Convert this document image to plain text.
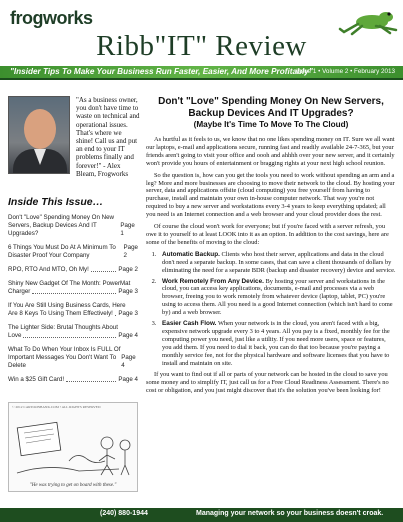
frogworks
Ribb"IT" Review
"Insider Tips To Make Your Business Run Faster, Easier, And More Profitably"
Issue 1 • Volume 2 • February 2013
"As a business owner, you don't have time to waste on technical and operational issues. That's where we shine! Call us and put an end to your IT problems finally and forever!" - Alex Bleam, Frogworks
Inside This Issue…
Don't "Love" Spending Money On New
Servers, Backup Devices And IT Upgrades?
Page 1
6 Things You Must Do At A Minimum To Disaster Proof Your Company
Page 2
RPO, RTO And MTO, Oh My!	Page 2
Shiny New Gadget Of The Month: PowerMat
Charger	Page 3
If You Are Still Using Business Cards, Here
Are 8 Keys To Using Them Effectively! Page 3
The Lighter Side: Brutal Thoughts About
Love	Page 4
What To Do When Your Inbox Is FULL Of
Important Messages You Don't Want To Delete
Page 4
Win a $25 Gift Card!	Page 4
© 2012 CARTOONBANK.COM • ALL RIGHTS RESERVED
"He was trying to get on board with these."
Don't "Love" Spending Money On New Servers, Backup Devices And IT Upgrades?
(Maybe It's Time To Move To The Cloud)

As hurtful as it feels to us, we know that no one likes spending money on IT. Sure we all want our laptops, e-mail and applications secure, running fast and readily available 24-7-365, but your friends aren't going to visit your office and oooh and ahhhh over your new server, and it certainly won't provide you hours of entertainment or bragging rights at your next high school reunion.

So the question is, how can you get the tools you need to work without spending an arm and a leg? More and more businesses are choosing to move their network to the cloud. By hosting your server, data and applications offsite (cloud computing) you free yourself from having to purchase, install and maintain your own in-house computer network. That way you're not required to buy a new server and workstations every 3-4 years to keep everything updated; all you need is an Internet connection and a web browser and your cloud provider does the rest.

Of course the cloud won't work for everyone; but if you're faced with a server refresh, you owe it to yourself to at least LOOK into it as an option. In addition to the cost savings, here are some of the benefits of moving to the cloud:

1. Automatic Backup. Clients who host their server, applications and data in the cloud don't need a separate backup. In some cases, that can save a client thousands of dollars by eliminating the need for a separate BDR (backup and disaster recovery) device and service.
2. Work Remotely From Any Device. By hosting your server and workstations in the cloud, you can access key applications, documents, e-mail and processes via a web browser, freeing you to work remotely from whatever device (laptop, tablet, PC) you're using to access them. All you need is a good Internet connection (which isn't hard to come by) and a web browser.
3. Easier Cash Flow. When your network is in the cloud, you aren't faced with a big, expensive network upgrade every 3 to 4 years. All you pay is a fixed, monthly fee for the computing power you need, just like a utility. If you need more users, space or features, you add them. If you need to dial it back, you can do that too because you're paying a monthly service fee, not for the physical hardware and software licenses that you have to install and maintain on site.

If you want to find out if all or parts of your network can be hosted in the cloud to save you some money and to simplify IT, just call us for a Free Cloud Readiness Assessment. There's no cost or obligation, and you just might discover that it's the solution you've been looking for!

(240) 880-1944	Managing your network so your business doesn't croak.
